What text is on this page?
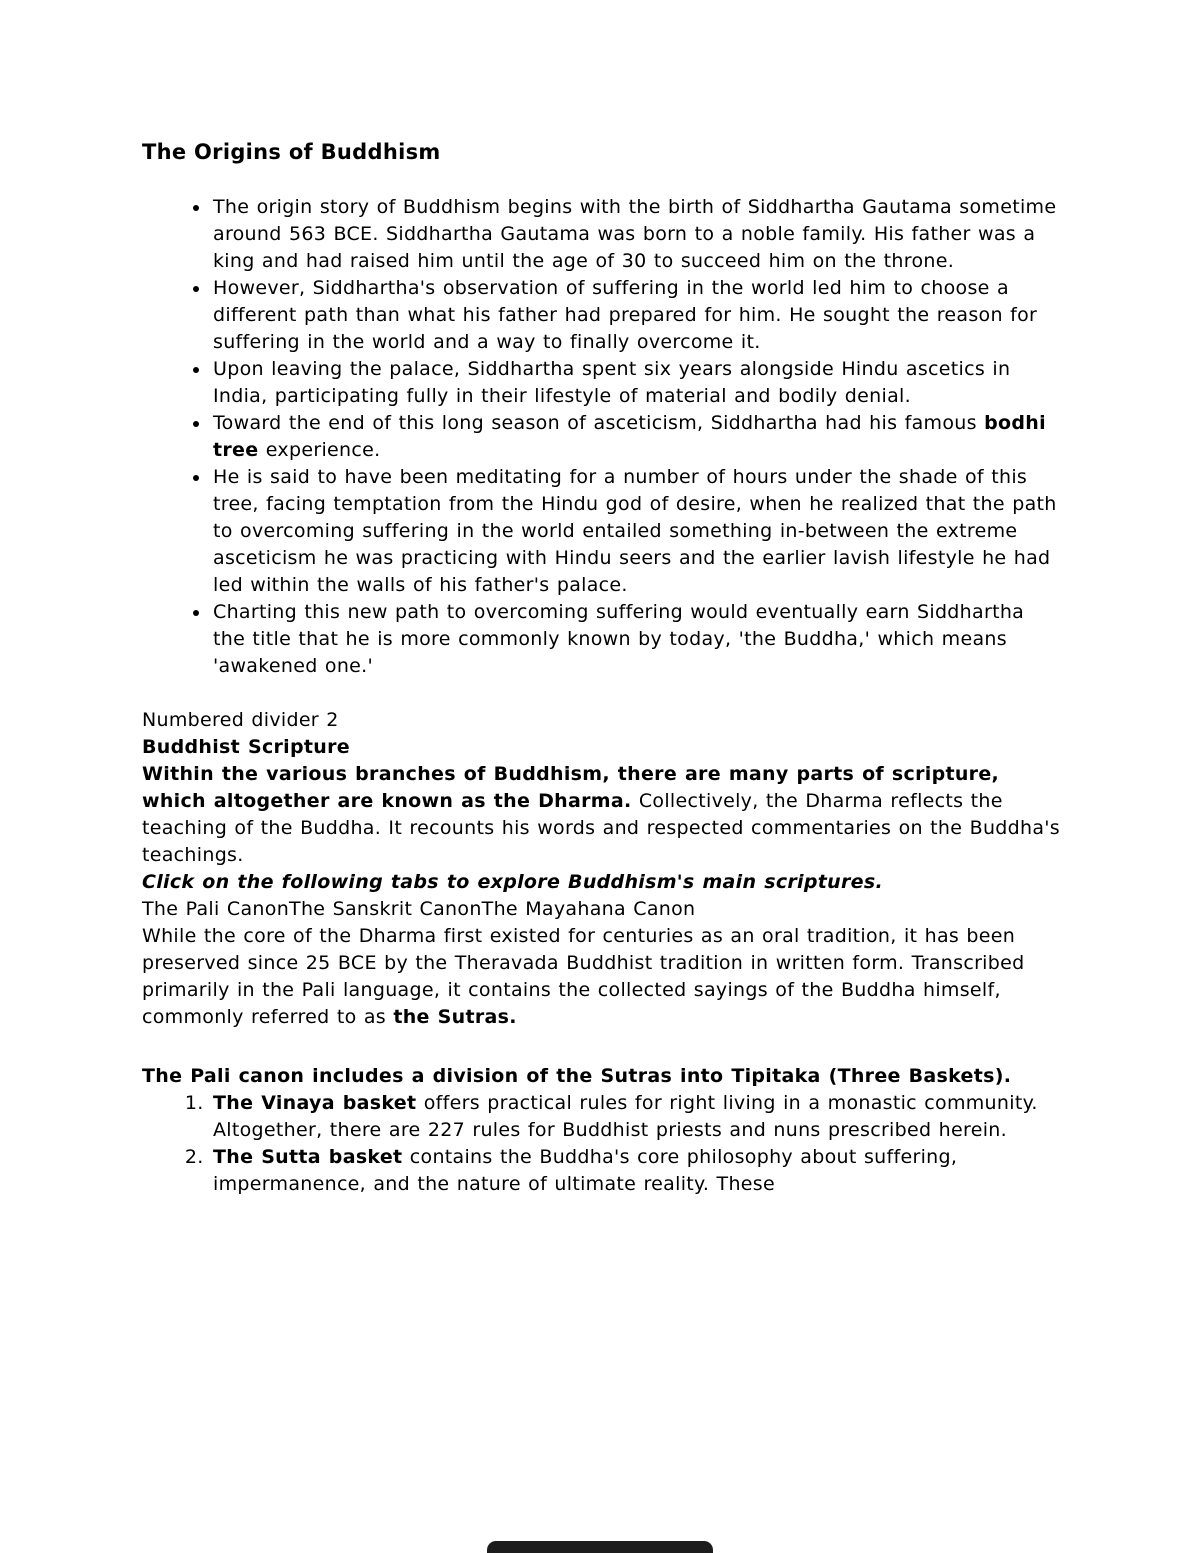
The Origins of Buddhism
• The origin story of Buddhism begins with the birth of Siddhartha Gautama sometime around 563 BCE. Siddhartha Gautama was born to a noble family. His father was a king and had raised him until the age of 30 to succeed him on the throne.
• However, Siddhartha's observation of suffering in the world led him to choose a different path than what his father had prepared for him. He sought the reason for suffering in the world and a way to finally overcome it.
• Upon leaving the palace, Siddhartha spent six years alongside Hindu ascetics in India, participating fully in their lifestyle of material and bodily denial.
• Toward the end of this long season of asceticism, Siddhartha had his famous bodhi tree experience.
• He is said to have been meditating for a number of hours under the shade of this tree, facing temptation from the Hindu god of desire, when he realized that the path to overcoming suffering in the world entailed something in-between the extreme asceticism he was practicing with Hindu seers and the earlier lavish lifestyle he had led within the walls of his father's palace.
• Charting this new path to overcoming suffering would eventually earn Siddhartha the title that he is more commonly known by today, 'the Buddha,' which means 'awakened one.'

Numbered divider 2

Buddhist Scripture

Within the various branches of Buddhism, there are many parts of scripture, which altogether are known as the Dharma. Collectively, the Dharma reflects the teaching of the Buddha. It recounts his words and respected commentaries on the Buddha's teachings.

Click on the following tabs to explore Buddhism's main scriptures.

The Pali CanonThe Sanskrit CanonThe Mayahana Canon

While the core of the Dharma first existed for centuries as an oral tradition, it has been preserved since 25 BCE by the Theravada Buddhist tradition in written form. Transcribed primarily in the Pali language, it contains the collected sayings of the Buddha himself, commonly referred to as the Sutras.

The Pali canon includes a division of the Sutras into Tipitaka (Three Baskets).

1. The Vinaya basket offers practical rules for right living in a monastic community. Altogether, there are 227 rules for Buddhist priests and nuns prescribed herein.
2. The Sutta basket contains the Buddha's core philosophy about suffering, impermanence, and the nature of ultimate reality. These
